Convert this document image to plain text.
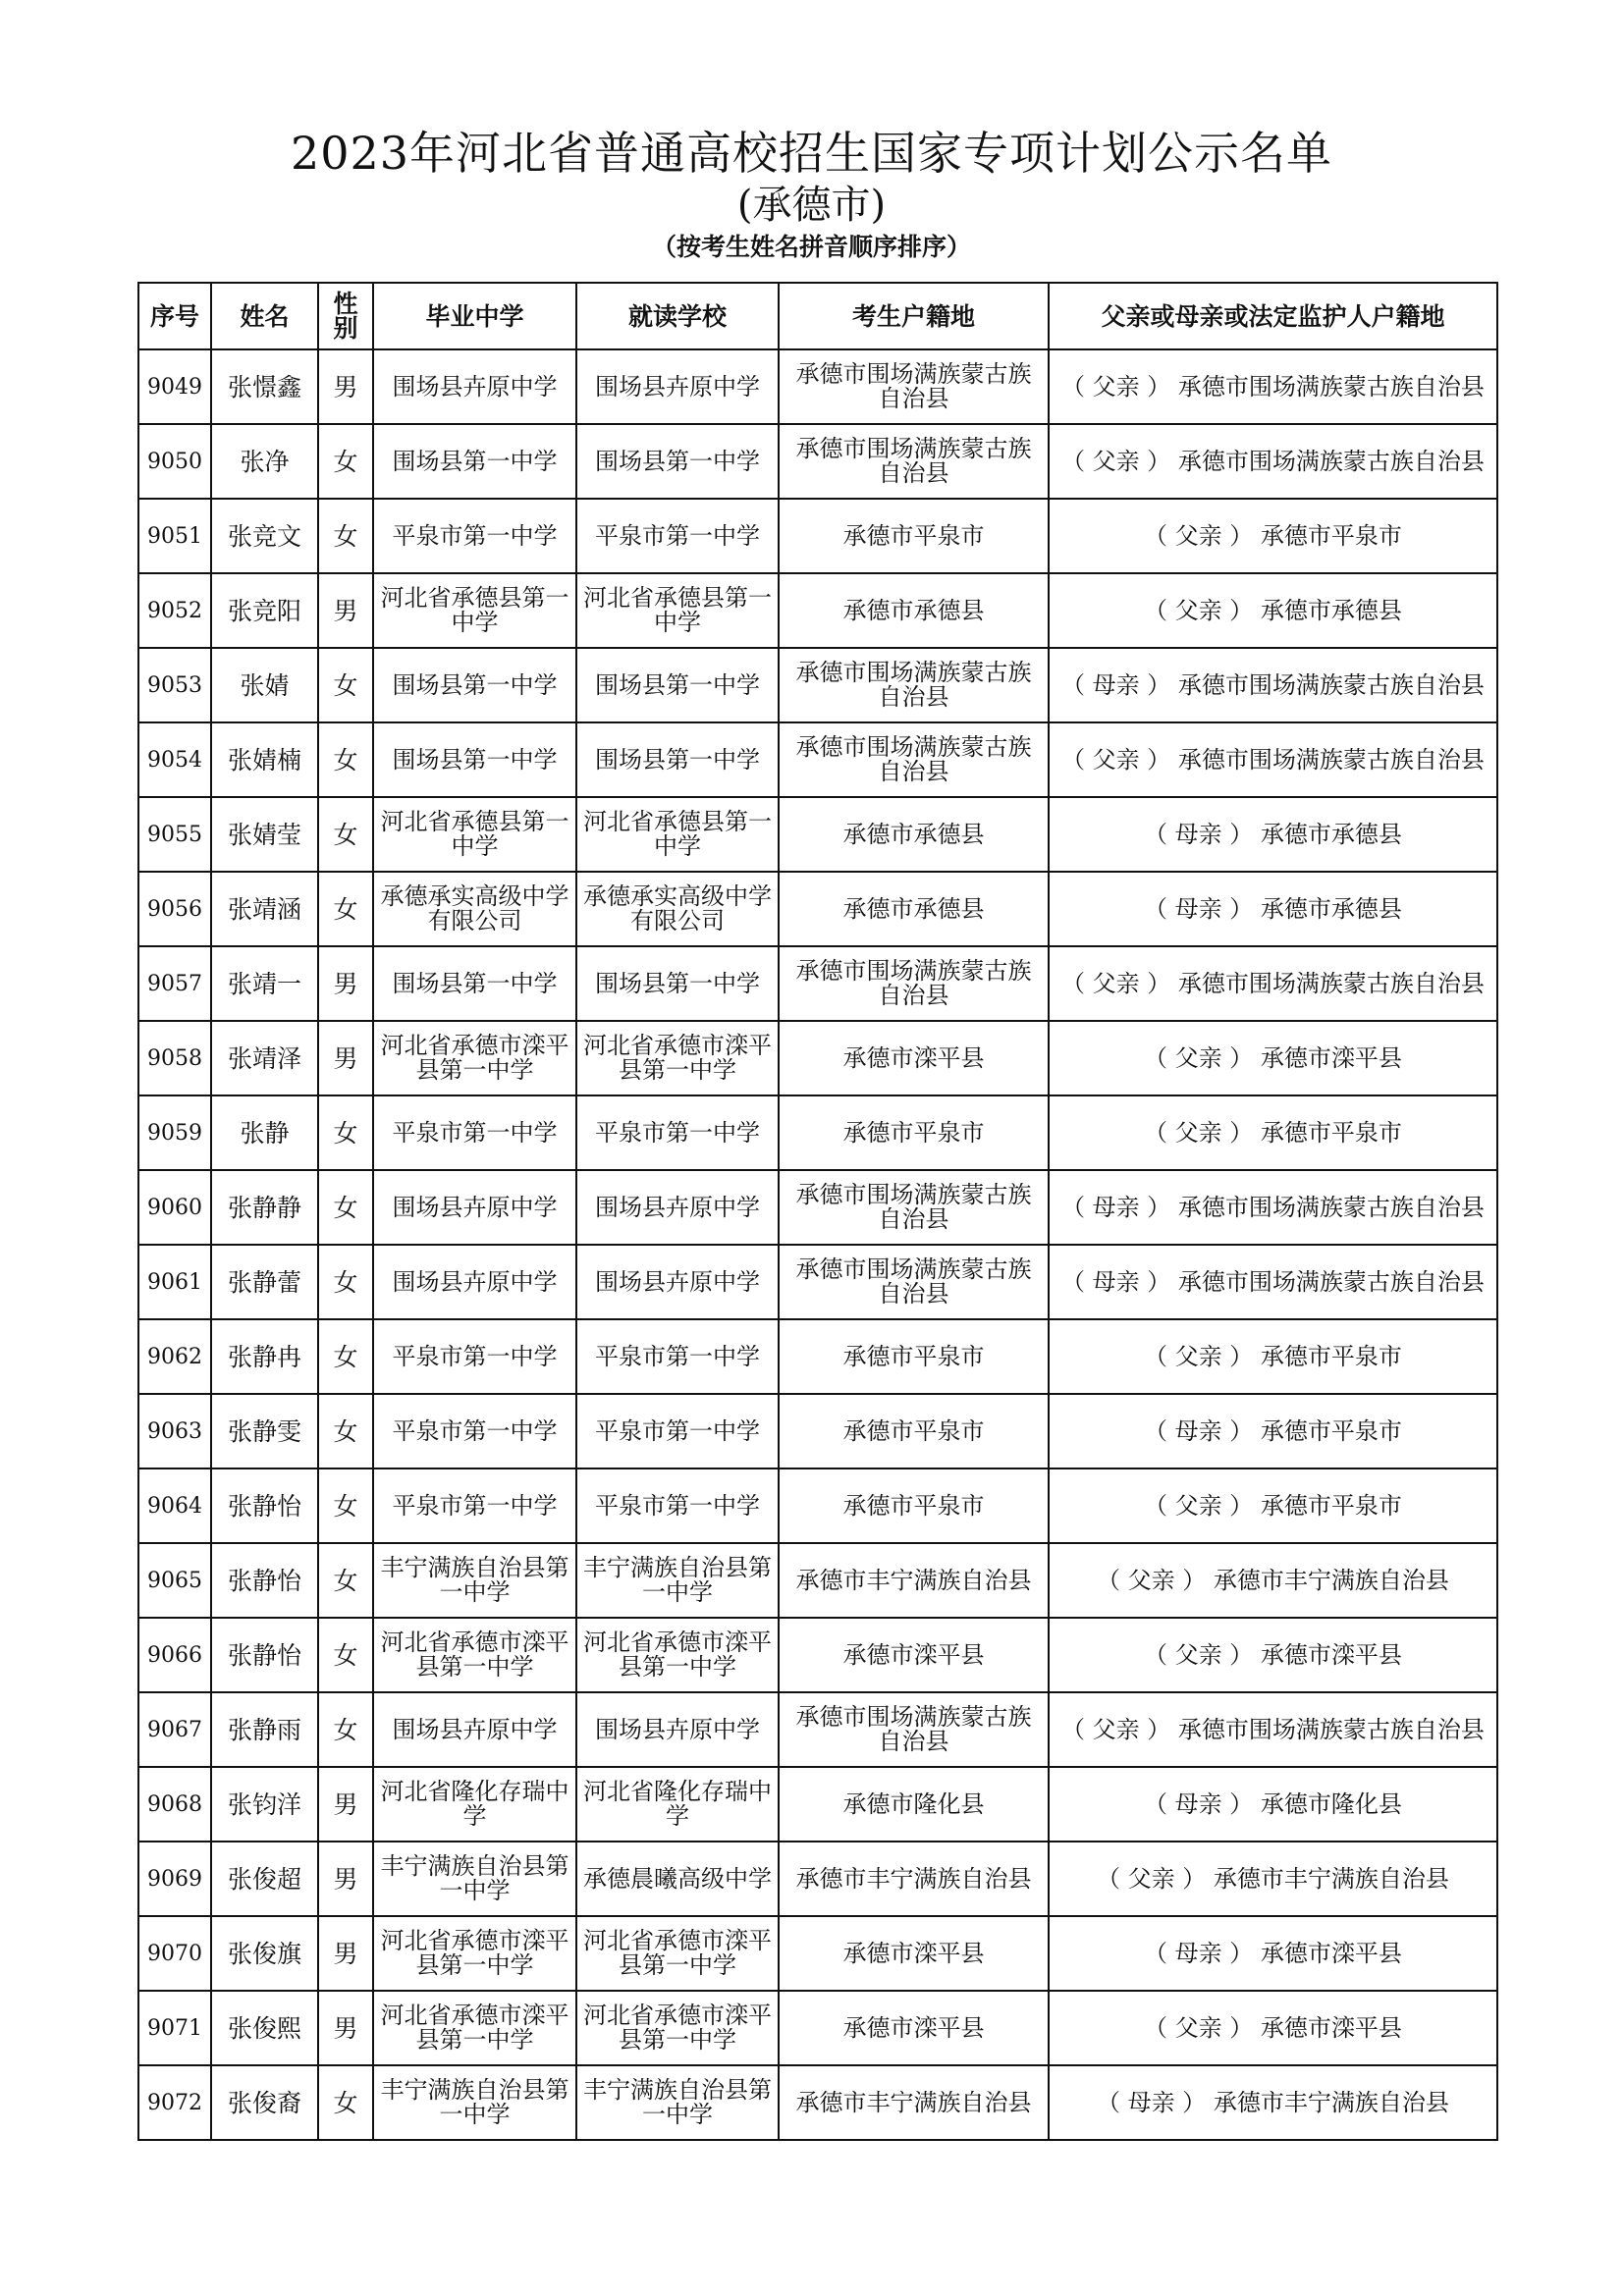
2023年河北省普通高校招生国家专项计划公示名单
(承德市)
（按考生姓名拼音顺序排序）
序号	姓名	性别	毕业中学	就读学校	考生户籍地	父亲或母亲或法定监护人户籍地
9049	张憬鑫	男	围场县卉原中学	围场县卉原中学	承德市围场满族蒙古族自治县	（ 父亲 ） 承德市围场满族蒙古族自治县
9050	张净	女	围场县第一中学	围场县第一中学	承德市围场满族蒙古族自治县	（ 父亲 ） 承德市围场满族蒙古族自治县
9051	张竞文	女	平泉市第一中学	平泉市第一中学	承德市平泉市	（ 父亲 ） 承德市平泉市
9052	张竞阳	男	河北省承德县第一中学	河北省承德县第一中学	承德市承德县	（ 父亲 ） 承德市承德县
9053	张婧	女	围场县第一中学	围场县第一中学	承德市围场满族蒙古族自治县	（ 母亲 ） 承德市围场满族蒙古族自治县
9054	张婧楠	女	围场县第一中学	围场县第一中学	承德市围场满族蒙古族自治县	（ 父亲 ） 承德市围场满族蒙古族自治县
9055	张婧莹	女	河北省承德县第一中学	河北省承德县第一中学	承德市承德县	（ 母亲 ） 承德市承德县
9056	张靖涵	女	承德承实高级中学有限公司	承德承实高级中学有限公司	承德市承德县	（ 母亲 ） 承德市承德县
9057	张靖一	男	围场县第一中学	围场县第一中学	承德市围场满族蒙古族自治县	（ 父亲 ） 承德市围场满族蒙古族自治县
9058	张靖泽	男	河北省承德市滦平县第一中学	河北省承德市滦平县第一中学	承德市滦平县	（ 父亲 ） 承德市滦平县
9059	张静	女	平泉市第一中学	平泉市第一中学	承德市平泉市	（ 父亲 ） 承德市平泉市
9060	张静静	女	围场县卉原中学	围场县卉原中学	承德市围场满族蒙古族自治县	（ 母亲 ） 承德市围场满族蒙古族自治县
9061	张静蕾	女	围场县卉原中学	围场县卉原中学	承德市围场满族蒙古族自治县	（ 母亲 ） 承德市围场满族蒙古族自治县
9062	张静冉	女	平泉市第一中学	平泉市第一中学	承德市平泉市	（ 父亲 ） 承德市平泉市
9063	张静雯	女	平泉市第一中学	平泉市第一中学	承德市平泉市	（ 母亲 ） 承德市平泉市
9064	张静怡	女	平泉市第一中学	平泉市第一中学	承德市平泉市	（ 父亲 ） 承德市平泉市
9065	张静怡	女	丰宁满族自治县第一中学	丰宁满族自治县第一中学	承德市丰宁满族自治县	（ 父亲 ） 承德市丰宁满族自治县
9066	张静怡	女	河北省承德市滦平县第一中学	河北省承德市滦平县第一中学	承德市滦平县	（ 父亲 ） 承德市滦平县
9067	张静雨	女	围场县卉原中学	围场县卉原中学	承德市围场满族蒙古族自治县	（ 父亲 ） 承德市围场满族蒙古族自治县
9068	张钧洋	男	河北省隆化存瑞中学	河北省隆化存瑞中学	承德市隆化县	（ 母亲 ） 承德市隆化县
9069	张俊超	男	丰宁满族自治县第一中学	承德晨曦高级中学	承德市丰宁满族自治县	（ 父亲 ） 承德市丰宁满族自治县
9070	张俊旗	男	河北省承德市滦平县第一中学	河北省承德市滦平县第一中学	承德市滦平县	（ 母亲 ） 承德市滦平县
9071	张俊熙	男	河北省承德市滦平县第一中学	河北省承德市滦平县第一中学	承德市滦平县	（ 父亲 ） 承德市滦平县
9072	张俊裔	女	丰宁满族自治县第一中学	丰宁满族自治县第一中学	承德市丰宁满族自治县	（ 母亲 ） 承德市丰宁满族自治县
